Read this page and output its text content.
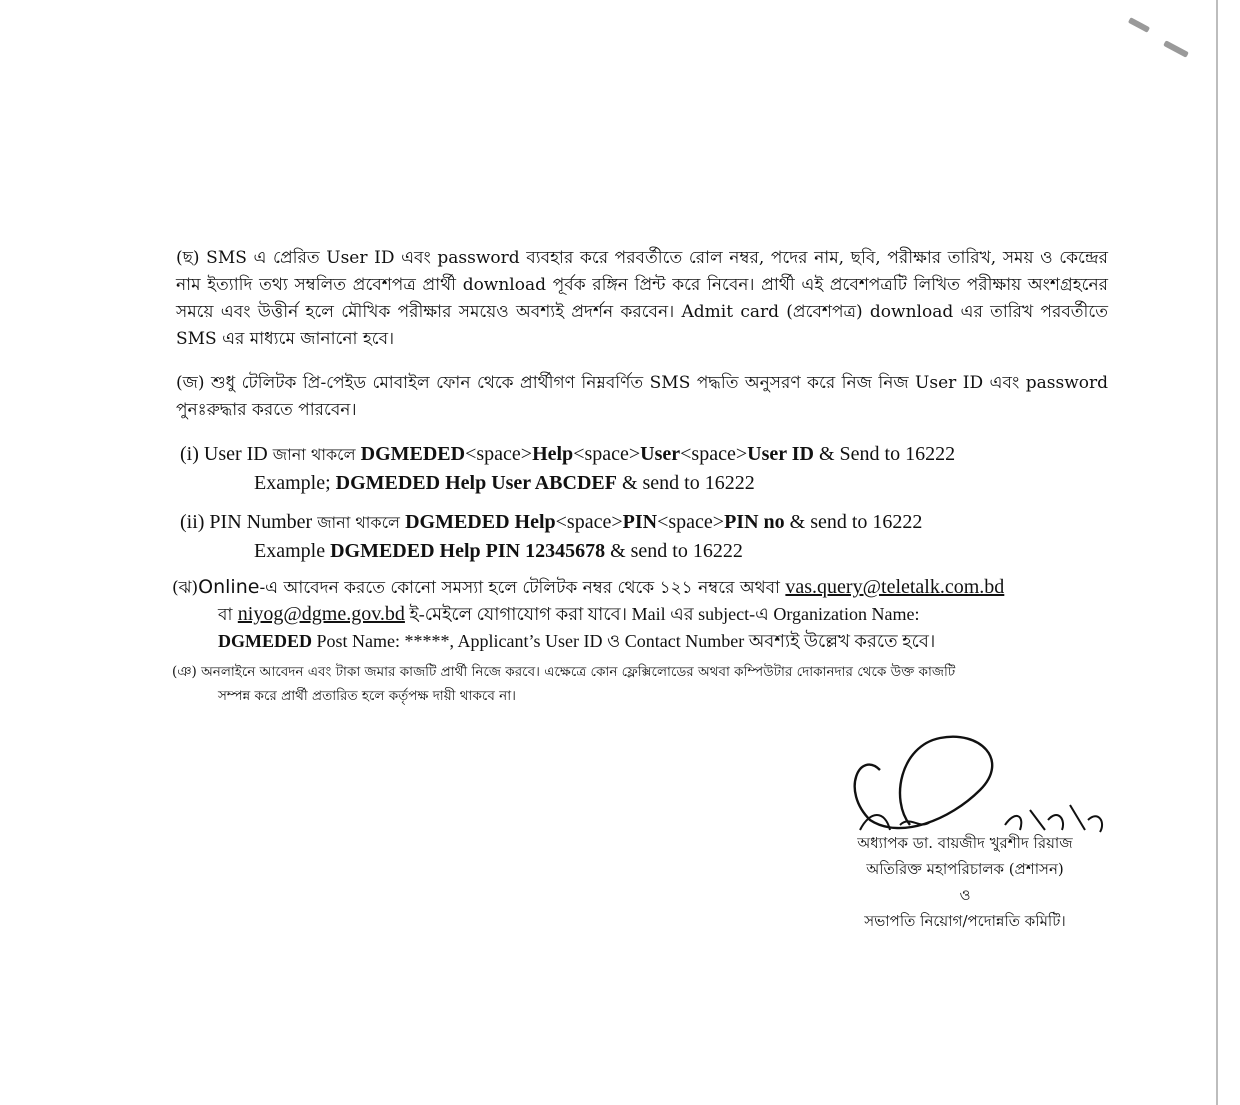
(ছ) SMS এ প্রেরিত User ID এবং password ব্যবহার করে পরবর্তীতে রোল নম্বর, পদের নাম, ছবি, পরীক্ষার তারিখ, সময় ও কেন্দ্রের নাম ইত্যাদি তথ্য সম্বলিত প্রবেশপত্র প্রার্থী download পূর্বক রঙ্গিন প্রিন্ট করে নিবেন। প্রার্থী এই প্রবেশপত্রটি লিখিত পরীক্ষায় অংশগ্রহনের সময়ে এবং উত্তীর্ন হলে মৌখিক পরীক্ষার সময়েও অবশ্যই প্রদর্শন করবেন। Admit card (প্রবেশপত্র) download এর তারিখ পরবর্তীতে SMS এর মাধ্যমে জানানো হবে।
(জ) শুধু টেলিটক প্রি-পেইড মোবাইল ফোন থেকে প্রার্থীগণ নিম্নবর্ণিত SMS পদ্ধতি অনুসরণ করে নিজ নিজ User ID এবং password পুনঃরুদ্ধার করতে পারবেন।
(i) User ID জানা থাকলে DGMEDED<space>Help<space>User<space>User ID & Send to 16222
Example; DGMEDED Help User ABCDEF & send to 16222
(ii) PIN Number জানা থাকলে DGMEDED Help<space>PIN<space>PIN no & send to 16222
Example DGMEDED Help PIN 12345678 & send to 16222
(ঝ)Online-এ আবেদন করতে কোনো সমস্যা হলে টেলিটক নম্বর থেকে ১২১ নম্বরে অথবা vas.query@teletalk.com.bd
বা niyog@dgme.gov.bd ই-মেইলে যোগাযোগ করা যাবে। Mail এর subject-এ Organization Name:
DGMEDED Post Name: *****, Applicant’s User ID ও Contact Number অবশ্যই উল্লেখ করতে হবে।
(ঞ) অনলাইনে আবেদন এবং টাকা জমার কাজটি প্রার্থী নিজে করবে। এক্ষেত্রে কোন ফ্লেক্সিলোডের অথবা কম্পিউটার দোকানদার থেকে উক্ত কাজটি
সম্পন্ন করে প্রার্থী প্রতারিত হলে কর্তৃপক্ষ দায়ী থাকবে না।
অধ্যাপক ডা. বায়জীদ খুরশীদ রিয়াজ
অতিরিক্ত মহাপরিচালক (প্রশাসন)
ও
সভাপতি নিয়োগ/পদোন্নতি কমিটি।
